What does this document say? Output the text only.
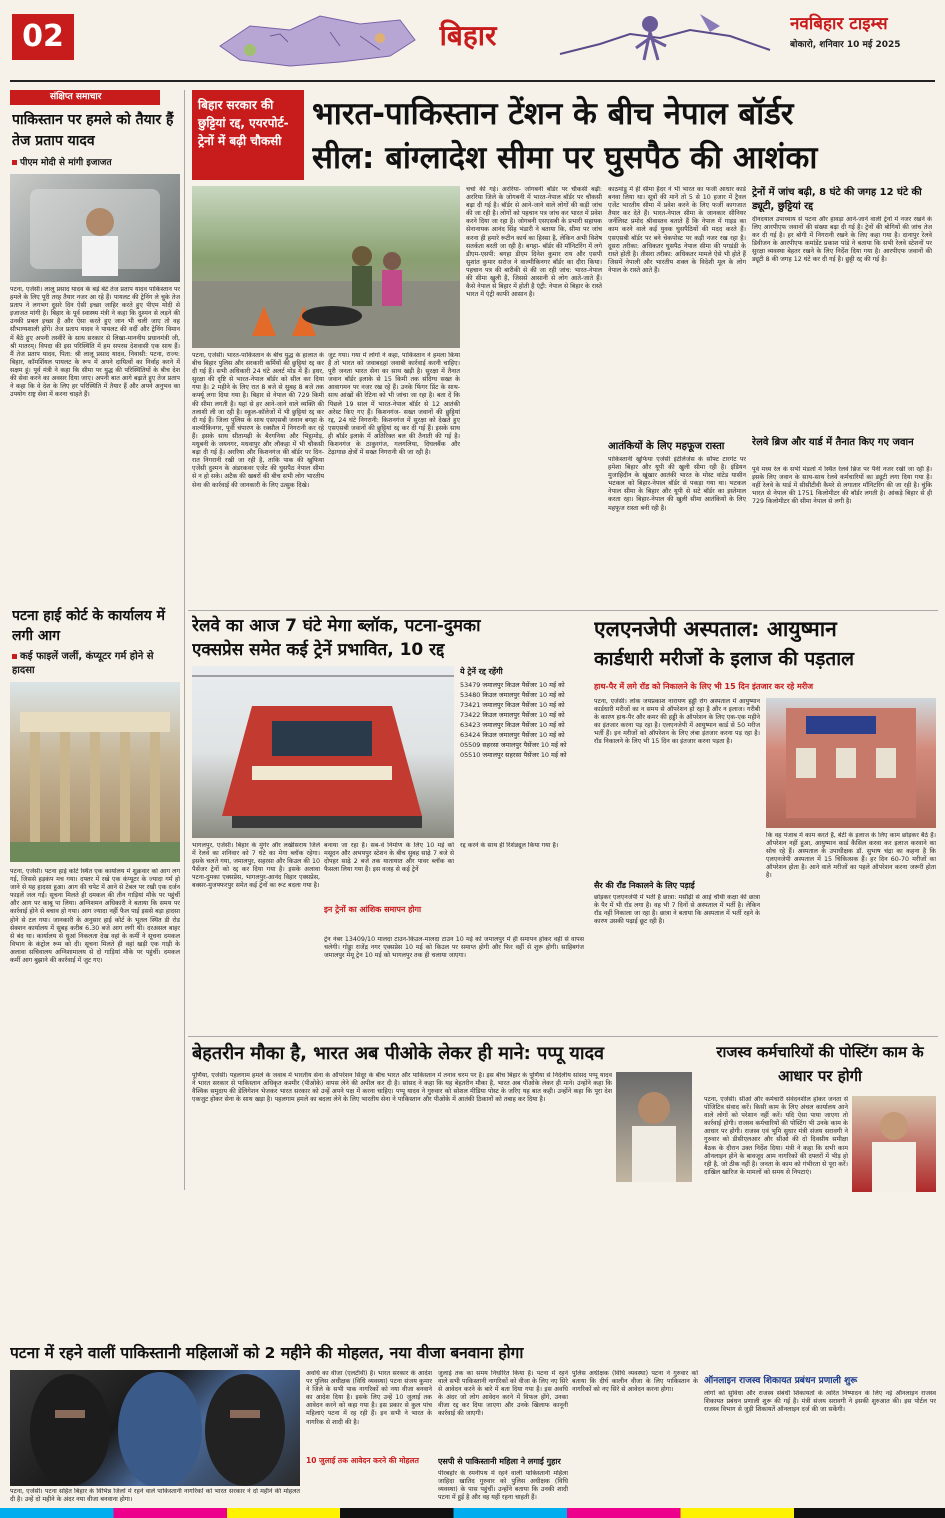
02	बिहार	नवबिहार टाइम्स
बोकारो, शनिवार 10 मई 2025
संक्षिप्त समाचार
पाकिस्तान पर हमले को तैयार हैं तेज प्रताप यादव
पीएम मोदी से मांगी इजाजत
पटना, एजेंसी। लालू प्रसाद यादव के बड़े बेटे तेज प्रताप यादव पाकिस्तान पर हमले के लिए पूरी तरह तैयार नजर आ रहे हैं। पायलट की ट्रेनिंग ले चुके तेज प्रताप ने लगभग दूसरे दिन ऐसी इच्छा जाहिर करते हुए पीएम मोदी से इजाजत मांगी है। बिहार के पूर्व स्वास्थ्य मंत्री ने कहा कि दुश्मन से लड़ने की उनकी प्रबल इच्छा है और ऐसा करते हुए जान भी चली जाए तो वह सौभाग्यशाली होंगे। तेज प्रताप यादव ने पायलट की वर्दी और ट्रेनिंग विमान में बैठे हुए अपनी तस्वीरें के साथ सरकार से लिखा-माननीय प्रधानमंत्री जी, श्री मातरम्। विपदा की इस परिस्थिति में हम सपरस देशवासी एक साथ हैं। मैं तेज प्रताप यादव, पिता: श्री लालू प्रसाद यादव, निवासी: पटना, राज्य: बिहार, कॉमर्शियल पायलट के रूप में अपने दायित्वों का निर्वाह करने में सक्षम हूं। पूर्व मंत्री ने कहा कि सीमा पर युद्ध की परिस्थितियों के बीच देश की सेवा करने का अवसर दिया जाए। अपनी बात आगे बढ़ाते हुए तेज प्रताप ने कहा कि वे देश के लिए हर परिस्थिति में तैयार हैं और अपने अनुभव का उपयोग राष्ट्र सेवा में करना चाहते हैं।
पटना हाई कोर्ट के कार्यालय में लगी आग
कई फाइलें जलीं, कंप्यूटर गर्म होने से हादसा
पटना, एजेंसी। पटना हाई कोर्ट स्थित एक कार्यालय में शुक्रवार को आग लग गई, जिससे हड़कंप मच गया। दफ्तर में रखे एक कंप्यूटर के ज्यादा गर्म हो जाने से यह हादसा हुआ। आग की चपेट में आने से टेबल पर रखी एक दर्जन फाइलें जल गईं। सूचना मिलते ही दमकल की तीन गाड़ियां मौके पर पहुंचीं और आग पर काबू पा लिया। अग्निशमन अधिकारी ने बताया कि समय पर कार्रवाई होने से बचाव हो गया। आग ज्यादा नहीं फैल पाई इससे बड़ा हादसा होने से टल गया। जानकारी के अनुसार हाई कोर्ट के भूतल स्थित डी रोड सेक्शन कार्यालय में सुबह करीब 6.30 बजे आग लगी थी। दरअसल बाहर से बंद था। कार्यालय से धुआं निकलता देख वहां के कर्मी ने सूचना दमकल विभाग के कंट्रोल रूम को दी। सूचना मिलते ही वहां खड़ी एक गाड़ी के अलावा सचिवालय अग्निशामालय से दो गाड़ियां मौके पर पहुंचीं। दमकल कर्मी आग बुझाने की कार्रवाई में जुट गए।
बिहार सरकार की छुट्टियां रद्द, एयरपोर्ट-ट्रेनों में बढ़ी चौकसी
भारत-पाकिस्तान टेंशन के बीच नेपाल बॉर्डर
सील: बांग्लादेश सीमा पर घुसपैठ की आशंका
पटना, एजेंसी। भारत-पाकिस्तान के बीच युद्ध के हालात के बीच बिहार पुलिस और सरकारी कर्मियों की छुट्टियां रद्द कर दी गई हैं। सभी अधिकारी 24 घंटे अलर्ट मोड में हैं। इधर, सुरक्षा की दृष्टि से भारत-नेपाल बॉर्डर को सील कर दिया गया है। 2 महीने के लिए रात 8 बजे से सुबह 8 बजे तक कर्फ्यू लगा दिया गया है। बिहार से नेपाल की 729 किमी की सीमा लगती है। यहां से हर आने-जाने वाले व्यक्ति की तलाशी ली जा रही है। स्कूल-कॉलेजों में भी छुट्टियां रद्द कर दी गई हैं। जिला पुलिस के साथ एसएसबी जवान बगहा के वाल्मीकिनगर, पूर्वी चंपारण के रक्सौल में निगरानी कर रहे हैं। इसके साथ सीतामढ़ी के बैरगनिया और भिट्ठामोड़, मधुबनी के जयनगर, मधवापुर और लौकहा में भी चौकसी बढ़ा दी गई है। अररिया और किशनगंज की बॉर्डर पर दिन-रात निगरानी रखी जा रही है, ताकि पाक की खुफिया एजेंसी दुश्मन के अंडरकवर एजेंट की घुसपैठ नेपाल सीमा से न हो सके। अटैक की खबरों की बीच सभी लोग भारतीय सेना की कार्रवाई की जानकारी के लिए उत्सुक दिखे।
जुट गया। गया में लोगों ने कहा, पाकिस्तान ने हमला किया है तो भारत को जवाबदहां जवाबी कार्रवाई करनी चाहिए। पूरी जनता भारत सेना का साथ खड़ी है। सुरक्षा में तैनात जवान बॉर्डर इलाके से 15 किमी तक संदिग्ध सख्त के आवागमन पर नजर रख रहे हैं। उनके फिंगर प्रिंट के साथ-साथ आंखों की रेटिना को भी जांचा जा रहा है। बता दें कि पिछले 19 साल में भारत-नेपाल बॉर्डर से 12 आतंकी अरेस्ट किए गए हैं। किशनगंज- सख्त जवानों की छुट्टियां रद्द, 24 घंटे निगरानी: किशनगंज में सुरक्षा को देखते हुए एसएसबी जवानों की छुट्टियां रद्द कर दी गई हैं। इसके साथ ही बॉर्डर इलाके में अतिरिक्त बल की तैनाती की गई है। किशनगंज के ठाकुरगंज, गलगलिया, दिघलबैंक और टेढ़ागाछ क्षेत्रों में सख्त निगरानी की जा रही है।
चर्चा की गई। अररिया- जोगबनी बॉर्डर पर चौकसी बढ़ी: अररिया जिले के जोगबनी में भारत-नेपाल बॉर्डर पर चौकसी बढ़ा दी गई है। बॉर्डर से आने-जाने वाले लोगों की कड़ी जांच की जा रही है। लोगों को पहचान पत्र जांच कर भारत में प्रवेश करने दिया जा रहा है। जोगबनी एसएसबी के प्रभारी सहायक सेनानायक आनंद सिंह भंडारी ने बताया कि, सीमा पर जांच करना ही हमारे रूटीन कार्य का हिस्सा है, लेकिन अभी विशेष सतर्कता बरती जा रही है। बगहा- बॉर्डर की मॉनिटरिंग में लगे डीएम-एसपी: बगहा डीएम दिनेश कुमार राय और एसपी सुशांत कुमार सरोज ने वाल्मीकिनगर बॉर्डर का दौरा किया। पहचान पत्र की बारीकी से की जा रही जांच: भारत-नेपाल की सीमा खुली है, जिससे आसानी से लोग आते-जाते हैं। कैसे नेपाल से बिहार में होती है एंट्री: नेपाल से बिहार के रास्ते भारत में एंट्री काफी आसान है।
काठमांडू में ही सीमा हैदर ने भी भारत का फर्जी आधार कार्ड बनवा लिया था। सूत्रों की मानें तो 5 से 10 हजार में ट्रैवल एजेंट भारतीय सीमा में प्रवेश करने के लिए फर्जी कागजात तैयार कर देते हैं। भारत-नेपाल सीमा के जानकार सीनियर जर्नलिस्ट प्रमोद श्रीवास्तव बताते हैं कि नेपाल में गाइड का काम करने वाले कई युवक घुसपैठियों की मदद करते हैं। एसएसबी बॉर्डर पर बने चेकपोस्ट पर कड़ी नजर रख रहा है। दूसरा तरीका: अधिकतर घुसपैठ नेपाल सीमा की पगडंडी के रास्ते होती है। तीसरा तरीका: अधिकतर मामले ऐसे भी होते हैं जिसमें नेपाली और भारतीय शक्ल के विदेशी मूल के लोग नेपाल के रास्ते आते हैं।
आतंकियों के लिए महफूज रास्ता
पाकिस्तानी खुफिया एजेंसी इंटेलिजेंस के सॉफ्ट टारगेट पर हमेशा बिहार और यूपी की खुली सीमा रही है। इंडियन मुजाहिदीन के खूंखार आतंकी भारत के मोस्ट वांटेड यासीन भटकल को बिहार-नेपाल बॉर्डर से पकड़ा गया था। भटकल नेपाल सीमा के बिहार और यूपी से सटे बॉर्डर का इस्तेमाल करता रहा। बिहार-नेपाल की खुली सीमा आतंकियों के लिए महफूज रास्ता बनी रही है।
ट्रेनों में जांच बढ़ी, 8 घंटे की जगह 12 घंटे की ड्यूटी, छुट्टियां रद्द
दीनदयाल उपाध्याय से पटना और हावड़ा आने-जाने वाली ट्रेनों में नजर रखने के लिए आरपीएफ जवानों की संख्या बढ़ा दी गई है। ट्रेनों की बोगियों की जांच तेज कर दी गई है। हर बोगी में निगरानी रखने के लिए कहा गया है। दानापुर रेलवे डिवीजन के आरपीएफ कमांडेंट प्रकाश पांडे ने बताया कि सभी रेलवे स्टेशनों पर सुरक्षा व्यवस्था बेहतर रखने के लिए निर्देश दिया गया है। आरपीएफ जवानों की ड्यूटी 8 की जगह 12 घंटे कर दी गई है। छुट्टी रद्द की गई है।
रेलवे ब्रिज और यार्ड में तैनात किए गए जवान
पूर्व मध्य रेल के सभी मंडलों में स्थित रेलवे ब्रिज पर पैनी नजर रखी जा रही है। इसके लिए जवान के साथ-साथ रेलवे कर्मचारियों का ड्यूटी लगा दिया गया है। वहीं रेलवे के यार्ड में सीसीटीवी कैमरे से लगातार मॉनिटरिंग की जा रही है। चुंकि भारत से नेपाल की 1751 किलोमीटर की बॉर्डर लगती है। आंकड़े बिहार से ही 729 किलोमीटर की सीमा नेपाल से लगी है।
रेलवे का आज 7 घंटे मेगा ब्लॉक, पटना-दुमका
एक्सप्रेस समेत कई ट्रेनें प्रभावित, 10 रद्द
ये ट्रेनें रद्द रहेंगी
53479 जमालपुर किउल पैसेंजर 10 मई को
53480 किउल जमालपुर पैसेंजर 10 मई को
73421 जमालपुर किउल पैसेंजर 10 मई को
73422 किउल जमालपुर पैसेंजर 10 मई को
63423 जमालपुर किउल पैसेंजर 10 मई को
63424 किउल जमालपुर पैसेंजर 10 मई को
05509 सहरसा जमालपुर पैसेंजर 10 मई को
05510 जमालपुर सहरसा पैसेंजर 10 मई को
भागलपुर, एजेंसी। बिहार के मुंगेर और लखीसराय जिले में रेलवे का शनिवार को 7 घंटे का मेगा ब्लॉक रहेगा। इसके चलते गया, जमालपुर, सहरसा और किउल की 10 पैसेंजर ट्रेनों को रद्द कर दिया गया है। इसके अलावा पटना-दुमका एक्सप्रेस, भागलपुर-आनंद विहार एक्सप्रेस, बक्सर-मुजफ्फरपुर समेत कई ट्रेनों का रूट बदला गया है।
बनाया जा रहा है। सब-वे निर्माण के लिए 10 मई को मसूदन और अभयपुर स्टेशन के बीच सुबह साढ़े 7 बजे से दोपहर साढ़े 2 बजे तक यातायात और पावर ब्लॉक का फैसला लिया गया है। इस वजह से कई ट्रेनें
रद्द करने के साथ ही रिशेड्यूल किया गया है।
इन ट्रेनों का आंशिक समापन होगा
ट्रेन नंबर 13409/10 मालदा टाउन-किउल-मालदा टाउन 10 मई को जमालपुर में ही समापन होकर वहीं से वापस चलेगी। गोड्डा राजेंद्र नगर एक्सप्रेस 10 मई को किउल पर समाप्त होगी और फिर वहीं से शुरू होगी। साहिबगंज जमालपुर मेमू ट्रेन 10 मई को भागलपुर तक ही चलाया जाएगा।
एलएनजेपी अस्पताल: आयुष्मान
कार्डधारी मरीजों के इलाज की पड़ताल
हाथ-पैर में लगे रॉड को निकालने के लिए भी 15 दिन इंतजार कर रहे मरीज
पटना, एजेंसी। लोक जयप्रकाश नारायण हड्डी रोग अस्पताल में आयुष्मान कार्डधारी मरीजों का न समय से ऑपरेशन हो रहा है और न इलाज। गरीबी के कारण हाथ-पैर और कमर की हड्डी के ऑपरेशन के लिए एक-एक महीने का इंतजार करना पड़ रहा है। एलएनजेपी में आयुष्मान कार्ड से 50 मरीज भर्ती हैं। इन मरीजों को ऑपरेशन के लिए लंबा इंतजार करना पड़ रहा है। रॉड निकालने के लिए भी 15 दिन का इंतजार करना पड़ता है।
कि वह पंजाब में काम करते हैं, बेटी के इलाज के लिए काम छोड़कर बैठे हैं। ऑपरेशन नहीं हुआ, आयुष्मान कार्ड कैसिल करवा कर इलाज करवाने का सोच रहे हैं। अस्पताल के उपाधीक्षक डॉ. सुभाष चंद्रा का कहना है कि एलएनजेपी अस्पताल में 15 चिकित्सक हैं। हर दिन 60-70 मरीजों का ऑपरेशन होता है। आने वाले मरीजों का पहले ऑपरेशन करना जरूरी होता है।
सैर की राँड निकालने के लिए पड़ाई
छोड़कर एलएनजेपी में भर्ती है छात्रा: मसौढ़ी से आई चौथी कक्षा की छात्रा के पैर में भी रॉड लगा है। वह भी 7 दिनों से अस्पताल में भर्ती है। लेकिन रॉड नहीं निकाला जा रहा है। छात्रा ने बताया कि अस्पताल में भर्ती रहने के कारण उसकी पढ़ाई छूट रही है।
बेहतरीन मौका है, भारत अब पीओके लेकर ही माने: पप्पू यादव
पूर्णिया, एजेंसी। पहलगाम हमले के जवाब में भारतीय सेना के ऑपरेशन सिंदूर के बीच भारत और पाकिस्तान में तनाव चरम पर है। इस बीच बिहार के पूर्णिया से निर्दलीय सांसद पप्पू यादव ने भारत सरकार से पाकिस्तान अधिकृत कश्मीर (पीओके) वापस लेने की अपील कर दी है। सांसद ने कहा कि यह बेहतरीन मौका है, भारत अब पीओके लेकर ही माने। उन्होंने कहा कि वैश्विक समुदाय की डेलिगेशन भेजकर भारत सरकार को उन्हें अपने पक्ष में करना चाहिए। पप्पू यादव ने गुरुवार को सोशल मीडिया पोस्ट के जरिए यह बात कही। उन्होंने कहा कि पूरा देश एकजुट होकर सेना के साथ खड़ा है। पहलगाम हमले का बदला लेने के लिए भारतीय सेना ने पाकिस्तान और पीओके में आतंकी ठिकानों को तबाह कर दिया है।
राजस्व कर्मचारियों की पोस्टिंग काम के आधार पर होगी
पटना, एजेंसी। सीओ और कर्मचारी संवेदनशील होकर जनता से पोजिटिव संवाद करें। किसी काम के लिए अंचल कार्यालय आने वाले लोगों को परेशान नहीं करें। यदि ऐसा पाया जाएगा तो कार्रवाई होगी। राजस्व कर्मचारियों की पोस्टिंग भी उनके काम के आधार पर होगी। राजस्व एवं भूमि सुधार मंत्री संजय सरावगी ने गुरुवार को डीसीएलआर और सीओ की दो दिवसीय समीक्षा बैठक के दौरान उक्त निर्देश दिया। मंत्री ने कहा कि सभी काम ऑनलाइन होने के बावजूद आम नागरिकों की दफ्तरों में भीड़ हो रही है, जो ठीक नहीं है। जनता के काम को गंभीरता से पूरा करें। दाखिल खारिज के मामलों को समय से निपटाएं।
ऑनलाइन राजस्व शिकायत प्रबंधन प्रणाली शुरू
लोगों को सुविधा और राजस्व संबंधी शिकायतों के त्वरित निष्पादन के लिए नई ऑनलाइन राजस्व शिकायत प्रबंधन प्रणाली शुरू की गई है। मंत्री संजय सरावगी ने इसकी शुरुआत की। इस पोर्टल पर राजस्व विभाग से जुड़ी शिकायतें ऑनलाइन दर्ज की जा सकेंगी।
पटना में रहने वालीं पाकिस्तानी महिलाओं को 2 महीने की मोहलत, नया वीजा बनवाना होगा
पटना, एजेंसी। पटना सहित बिहार के विभिन्न जिलों में रहने वाले पाकिस्तानी नागरिकों को भारत सरकार ने दो महीने की मोहलत दी है। उन्हें दो महीने के अंदर नया वीजा बनवाना होगा।
अवधि का वीजा (एलटीवी) है। भारत सरकार के आदेश पर पुलिस अधीक्षक (विधि व्यवस्था) पटना संजय कुमार ने जिले के सभी पाक नागरिकों को नया वीजा बनवाने का आदेश दिया है। इसके लिए उन्हें 10 जुलाई तक आवेदन करने को कहा गया है। इस प्रकार से कुल पांच महिलाएं पटना में रह रही हैं। इन सभी ने भारत के नागरिक से शादी की है।
जुलाई तक का समय निर्धारित किया है। पटना में रहने वाले सभी पाकिस्तानी नागरिकों को वीजा के लिए नए सिरे से आवेदन करने के बारे में बता दिया गया है। इस अवधि के अंदर जो लोग आवेदन करने में विफल होंगे, उनका वीजा रद्द कर दिया जाएगा और उनके खिलाफ कानूनी कार्रवाई की जाएगी।
एसपी से पाकिस्तानी महिला ने लगाई गुहार
पीरबहोर के रमनीपथ में रहने वाली पाकिस्तानी महिला जाहिदा खातिद गुरुवार को पुलिस अधीक्षक (विधि व्यवस्था) के पास पहुंचीं। उन्होंने बताया कि उनकी शादी पटना में हुई है और वह यहीं रहना चाहती हैं।
10 जुलाई तक आवेदन करने की मोहलत
पुलिस अधीक्षक (विधि व्यवस्था) पटना ने गुरुवार को बताया कि दीर्घ कालीन वीजा के लिए पाकिस्तान के नागरिकों को नए सिरे से आवेदन करना होगा।
